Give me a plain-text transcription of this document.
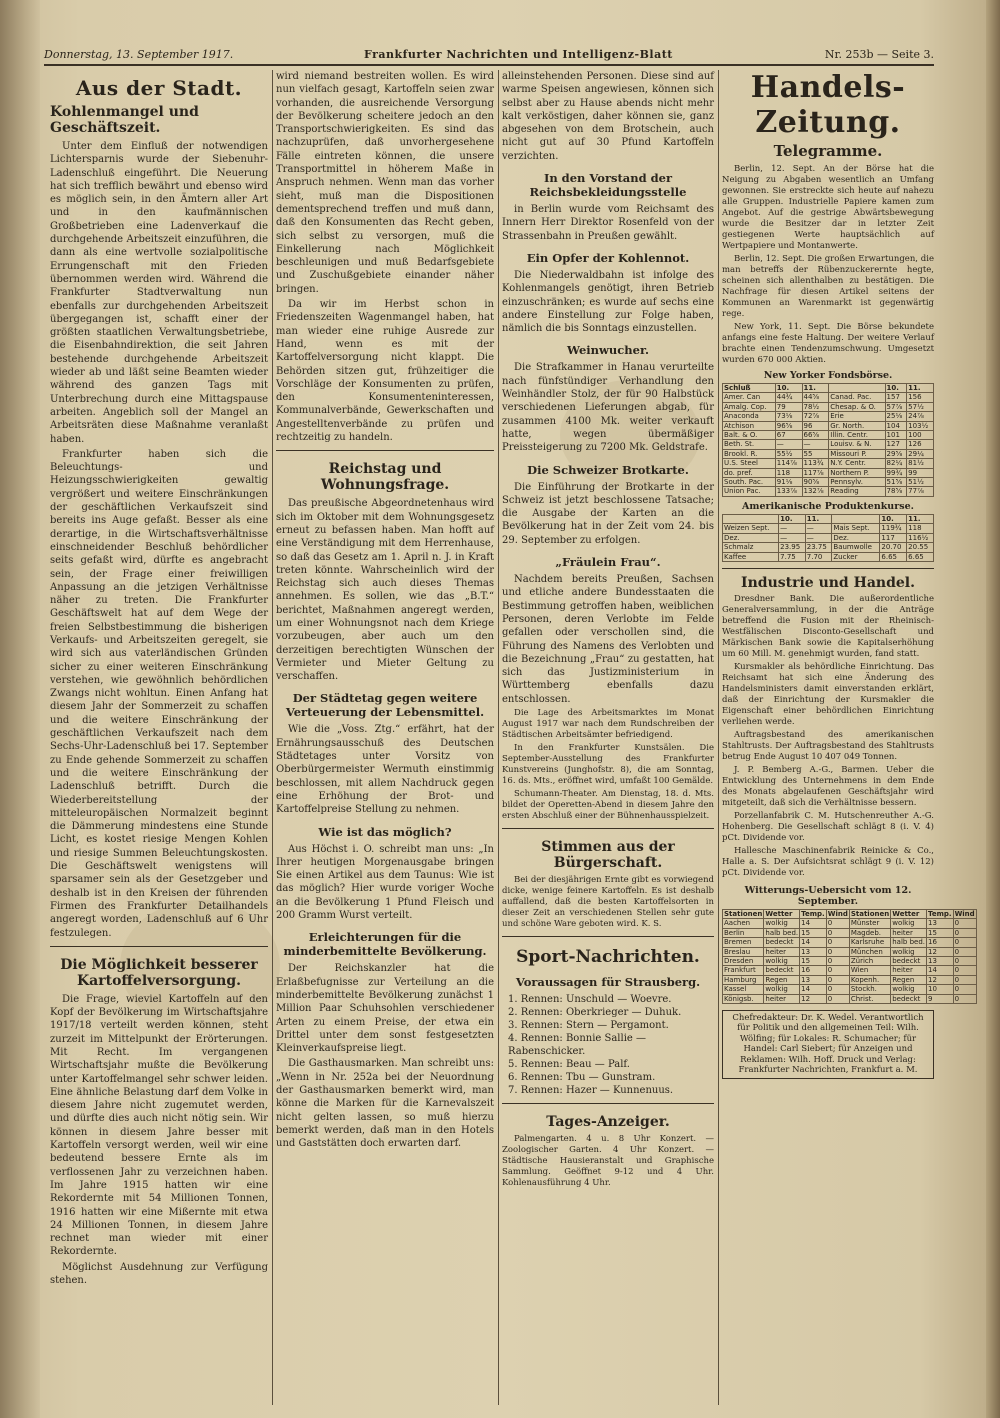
Donnerstag, 13. September 1917.	Frankfurter Nachrichten und Intelligenz-Blatt	Nr. 253b — Seite 3.
Aus der Stadt.
Kohlenmangel und Geschäftszeit.

Unter dem Einfluß der notwendigen Lichtersparnis wurde der Siebenuhr-Ladenschluß eingeführt. Die Neuerung hat sich trefflich bewährt und ebenso wird es möglich sein, in den Ämtern aller Art und in den kaufmännischen Großbetrieben eine Ladenverkauf die durchgehende Arbeitszeit einzuführen, die dann als eine wertvolle sozialpolitische Errungenschaft mit den Frieden übernommen werden wird. Während die Frankfurter Stadtverwaltung nun ebenfalls zur durchgehenden Arbeitszeit übergegangen ist, schafft einer der größten staatlichen Verwaltungsbetriebe, die Eisenbahndirektion, die seit Jahren bestehende durchgehende Arbeitszeit wieder ab und läßt seine Beamten wieder während des ganzen Tags mit Unterbrechung durch eine Mittagspause arbeiten. Angeblich soll der Mangel an Arbeitsräten diese Maßnahme veranlaßt haben.

Frankfurter haben sich die Beleuchtungs- und Heizungsschwierigkeiten gewaltig vergrößert und weitere Einschränkungen der geschäftlichen Verkaufszeit sind bereits ins Auge gefaßt. Besser als eine derartige, in die Wirtschaftsverhältnisse einschneidender Beschluß behördlicher seits gefaßt wird, dürfte es angebracht sein, der Frage einer freiwilligen Anpassung an die jetzigen Verhältnisse näher zu treten. Die Frankfurter Geschäftswelt hat auf dem Wege der freien Selbstbestimmung die bisherigen Verkaufs- und Arbeitszeiten geregelt, sie wird sich aus vaterländischen Gründen sicher zu einer weiteren Einschränkung verstehen, wie gewöhnlich behördlichen Zwangs nicht wohltun. Einen Anfang hat diesem Jahr der Sommerzeit zu schaffen und die weitere Einschränkung der geschäftlichen Verkaufszeit nach dem Sechs-Uhr-Ladenschluß bei 17. September zu Ende gehende Sommerzeit zu schaffen und die weitere Einschränkung der Ladenschluß betrifft. Durch die Wiederbereitstellung der mitteleuropäischen Normalzeit beginnt die Dämmerung mindestens eine Stunde Licht, es kostet riesige Mengen Kohlen und riesige Summen Beleuchtungskosten. Die Geschäftswelt wenigstens will sparsamer sein als der Gesetzgeber und deshalb ist in den Kreisen der führenden Firmen des Frankfurter Detailhandels angeregt worden, Ladenschluß auf 6 Uhr festzulegen.

Die Möglichkeit besserer Kartoffelversorgung.

Die Frage, wieviel Kartoffeln auf den Kopf der Bevölkerung im Wirtschaftsjahre 1917/18 verteilt werden können, steht zurzeit im Mittelpunkt der Erörterungen. Mit Recht. Im vergangenen Wirtschaftsjahr mußte die Bevölkerung unter Kartoffelmangel sehr schwer leiden. Eine ähnliche Belastung darf dem Volke in diesem Jahre nicht zugemutet werden, und dürfte dies auch nicht nötig sein. Wir können in diesem Jahre besser mit Kartoffeln versorgt werden, weil wir eine bedeutend bessere Ernte als im verflossenen Jahr zu verzeichnen haben. Im Jahre 1915 hatten wir eine Rekordernte mit 54 Millionen Tonnen, 1916 hatten wir eine Mißernte mit etwa 24 Millionen Tonnen, in diesem Jahre rechnet man wieder mit einer Rekordernte.

Möglichst Ausdehnung zur Verfügung stehen.

wird niemand bestreiten wollen. Es wird nun vielfach gesagt, Kartoffeln seien zwar vorhanden, die ausreichende Versorgung der Bevölkerung scheitere jedoch an den Transportschwierigkeiten. Es sind das nachzuprüfen, daß unvorhergesehene Fälle eintreten können, die unsere Transportmittel in höherem Maße in Anspruch nehmen. Wenn man das vorher sieht, muß man die Dispositionen dementsprechend treffen und muß dann, daß den Konsumenten das Recht geben, sich selbst zu versorgen, muß die Einkellerung nach Möglichkeit beschleunigen und muß Bedarfsgebiete und Zuschußgebiete einander näher bringen.

Da wir im Herbst schon in Friedenszeiten Wagenmangel haben, hat man wieder eine ruhige Ausrede zur Hand, wenn es mit der Kartoffelversorgung nicht klappt. Die Behörden sitzen gut, frühzeitiger die Vorschläge der Konsumenten zu prüfen, den Konsumenteninteressen, Kommunalverbände, Gewerkschaften und Angestelltenverbände zu prüfen und rechtzeitig zu handeln.

Reichstag und Wohnungsfrage.

Das preußische Abgeordnetenhaus wird sich im Oktober mit dem Wohnungsgesetz erneut zu befassen haben. Man hofft auf eine Verständigung mit dem Herrenhause, so daß das Gesetz am 1. April n. J. in Kraft treten könnte. Wahrscheinlich wird der Reichstag sich auch dieses Themas annehmen. Es sollen, wie das „B.T.“ berichtet, Maßnahmen angeregt werden, um einer Wohnungsnot nach dem Kriege vorzubeugen, aber auch um den derzeitigen berechtigten Wünschen der Vermieter und Mieter Geltung zu verschaffen.

Der Städtetag gegen weitere Verteuerung der Lebensmittel.

Wie die „Voss. Ztg.“ erfährt, hat der Ernährungsausschuß des Deutschen Städtetages unter Vorsitz von Oberbürgermeister Wermuth einstimmig beschlossen, mit allem Nachdruck gegen eine Erhöhung der Brot- und Kartoffelpreise Stellung zu nehmen.

Wie ist das möglich?

Aus Höchst i. O. schreibt man uns: „In Ihrer heutigen Morgenausgabe bringen Sie einen Artikel aus dem Taunus: Wie ist das möglich? Hier wurde voriger Woche an die Bevölkerung 1 Pfund Fleisch und 200 Gramm Wurst verteilt.

Erleichterungen für die minderbemittelte Bevölkerung.

Der Reichskanzler hat die Erlaßbefugnisse zur Verteilung an die minderbemittelte Bevölkerung zunächst 1 Million Paar Schuhsohlen verschiedener Arten zu einem Preise, der etwa ein Drittel unter dem sonst festgesetzten Kleinverkaufspreise liegt.

Die Gasthausmarken. Man schreibt uns: „Wenn in Nr. 252a bei der Neuordnung der Gasthausmarken bemerkt wird, man könne die Marken für die Karnevalszeit nicht gelten lassen, so muß hierzu bemerkt werden, daß man in den Hotels und Gaststätten doch erwarten darf.

alleinstehenden Personen. Diese sind auf warme Speisen angewiesen, können sich selbst aber zu Hause abends nicht mehr kalt verköstigen, daher können sie, ganz abgesehen von dem Brotschein, auch nicht gut auf 30 Pfund Kartoffeln verzichten.

In den Vorstand der Reichsbekleidungsstelle

in Berlin wurde vom Reichsamt des Innern Herr Direktor Rosenfeld von der Strassenbahn in Preußen gewählt.

Ein Opfer der Kohlennot.

Die Niederwaldbahn ist infolge des Kohlenmangels genötigt, ihren Betrieb einzuschränken; es wurde auf sechs eine andere Einstellung zur Folge haben, nämlich die bis Sonntags einzustellen.

Weinwucher.

Die Strafkammer in Hanau verurteilte nach fünfstündiger Verhandlung den Weinhändler Stolz, der für 90 Halbstück verschiedenen Lieferungen abgab, für zusammen 4100 Mk. weiter verkauft hatte, wegen übermäßiger Preissteigerung zu 7200 Mk. Geldstrafe.

Die Schweizer Brotkarte.

Die Einführung der Brotkarte in der Schweiz ist jetzt beschlossene Tatsache; die Ausgabe der Karten an die Bevölkerung hat in der Zeit vom 24. bis 29. September zu erfolgen.

„Fräulein Frau“.

Nachdem bereits Preußen, Sachsen und etliche andere Bundesstaaten die Bestimmung getroffen haben, weiblichen Personen, deren Verlobte im Felde gefallen oder verschollen sind, die Führung des Namens des Verlobten und die Bezeichnung „Frau“ zu gestatten, hat sich das Justizministerium in Württemberg ebenfalls dazu entschlossen.

Die Lage des Arbeitsmarktes im Monat August 1917 war nach dem Rundschreiben der Städtischen Arbeitsämter befriedigend.

In den Frankfurter Kunstsälen. Die September-Ausstellung des Frankfurter Kunstvereins (Junghofstr. 8), die am Sonntag, 16. ds. Mts., eröffnet wird, umfaßt 100 Gemälde.

Schumann-Theater. Am Dienstag, 18. d. Mts. bildet der Operetten-Abend in diesem Jahre den ersten Abschluß einer der Bühnenhausspielzeit.

Stimmen aus der Bürgerschaft.

Bei der diesjährigen Ernte gibt es vorwiegend dicke, wenige feinere Kartoffeln. Es ist deshalb auffallend, daß die besten Kartoffelsorten in dieser Zeit an verschiedenen Stellen sehr gute und schöne Ware geboten wird. K. S.

Sport-Nachrichten.
Voraussagen für Strausberg.
1. Rennen: Unschuld — Woevre.
2. Rennen: Oberkrieger — Duhuk.
3. Rennen: Stern — Pergamont.
4. Rennen: Bonnie Sallie — Rabenschicker.
5. Rennen: Beau — Palf.
6. Rennen: Tbu — Gunstram.
7. Rennen: Hazer — Kunnenuus.
Tages-Anzeiger.

Palmengarten. 4 u. 8 Uhr Konzert. — Zoologischer Garten. 4 Uhr Konzert. — Städtische Hausieranstalt und Graphische Sammlung. Geöffnet 9-12 und 4 Uhr. Kohlenausführung 4 Uhr.

Handels-Zeitung.
Telegramme.

Berlin, 12. Sept. An der Börse hat die Neigung zu Abgaben wesentlich an Umfang gewonnen. Sie erstreckte sich heute auf nahezu alle Gruppen. Industrielle Papiere kamen zum Angebot. Auf die gestrige Abwärtsbewegung wurde die Besitzer dar in letzter Zeit gestiegenen Werte hauptsächlich auf Wertpapiere und Montanwerte.

Berlin, 12. Sept. Die großen Erwartungen, die man betreffs der Rübenzuckerernte hegte, scheinen sich allenthalben zu bestätigen. Die Nachfrage für diesen Artikel seitens der Kommunen an Warenmarkt ist gegenwärtig rege.

New York, 11. Sept. Die Börse bekundete anfangs eine feste Haltung. Der weitere Verlauf brachte einen Tendenzumschwung. Umgesetzt wurden 670 000 Aktien.

New Yorker Fondsbörse.
Schluß	10.	11.		10.	11.
Amer. Can	44¾	44⅝	Canad. Pac.	157	156
Amalg. Cop.	79	78½	Chesap. & O.	57⅞	57½
Anaconda	73⅛	72⅞	Erie	25⅛	24⅞
Atchison	96⅝	96	Gr. North.	104	103½
Balt. & O.	67	66⅝	Illin. Centr.	101	100
Beth. St.	—	—	Louisv. & N.	127	126
Brookl. R.	55½	55	Missouri P.	29⅝	29¼
U.S. Steel	114⅞	113¾	N.Y. Centr.	82¼	81½
do. pref.	118	117⅞	Northern P.	99¾	99
South. Pac.	91⅛	90⅝	Pennsylv.	51⅝	51½
Union Pac.	133⅞	132⅞	Reading	78⅝	77⅞
Amerikanische Produktenkurse.
	10.	11.		10.	11.
Weizen Sept.	—	—	Mais Sept.	119¾	118
Dez.	—	—	Dez.	117	116½
Schmalz	23.95	23.75	Baumwolle	20.70	20.55
Kaffee	7.75	7.70	Zucker	6.65	6.65
Industrie und Handel.

Dresdner Bank. Die außerordentliche Generalversammlung, in der die Anträge betreffend die Fusion mit der Rheinisch-Westfälischen Disconto-Gesellschaft und Märkischen Bank sowie die Kapitalserhöhung um 60 Mill. M. genehmigt wurden, fand statt.

Kursmakler als behördliche Einrichtung. Das Reichsamt hat sich eine Änderung des Handelsministers damit einverstanden erklärt, daß der Einrichtung der Kursmakler die Eigenschaft einer behördlichen Einrichtung verliehen werde.

Auftragsbestand des amerikanischen Stahltrusts. Der Auftragsbestand des Stahltrusts betrug Ende August 10 407 049 Tonnen.

J. P. Bemberg A.-G., Barmen. Ueber die Entwicklung des Unternehmens in dem Ende des Monats abgelaufenen Geschäftsjahr wird mitgeteilt, daß sich die Verhältnisse bessern.

Porzellanfabrik C. M. Hutschenreuther A.-G. Hohenberg. Die Gesellschaft schlägt 8 (i. V. 4) pCt. Dividende vor.

Hallesche Maschinenfabrik Reinicke & Co., Halle a. S. Der Aufsichtsrat schlägt 9 (i. V. 12) pCt. Dividende vor.

Witterungs-Uebersicht vom 12. September.
Stationen	Wetter	Temp.	Wind	Stationen	Wetter	Temp.	Wind
Aachen	wolkig	14	0	Münster	wolkig	13	0
Berlin	halb bed.	15	0	Magdeb.	heiter	15	0
Bremen	bedeckt	14	0	Karlsruhe	halb bed.	16	0
Breslau	heiter	13	0	München	wolkig	12	0
Dresden	wolkig	15	0	Zürich	bedeckt	13	0
Frankfurt	bedeckt	16	0	Wien	heiter	14	0
Hamburg	Regen	13	0	Kopenh.	Regen	12	0
Kassel	wolkig	14	0	Stockh.	wolkig	10	0
Königsb.	heiter	12	0	Christ.	bedeckt	9	0
Chefredakteur: Dr. K. Wedel. Verantwortlich für Politik und den allgemeinen Teil: Wilh. Wölfing; für Lokales: R. Schumacher; für Handel: Carl Siebert; für Anzeigen und Reklamen: Wilh. Hoff. Druck und Verlag: Frankfurter Nachrichten, Frankfurt a. M.
